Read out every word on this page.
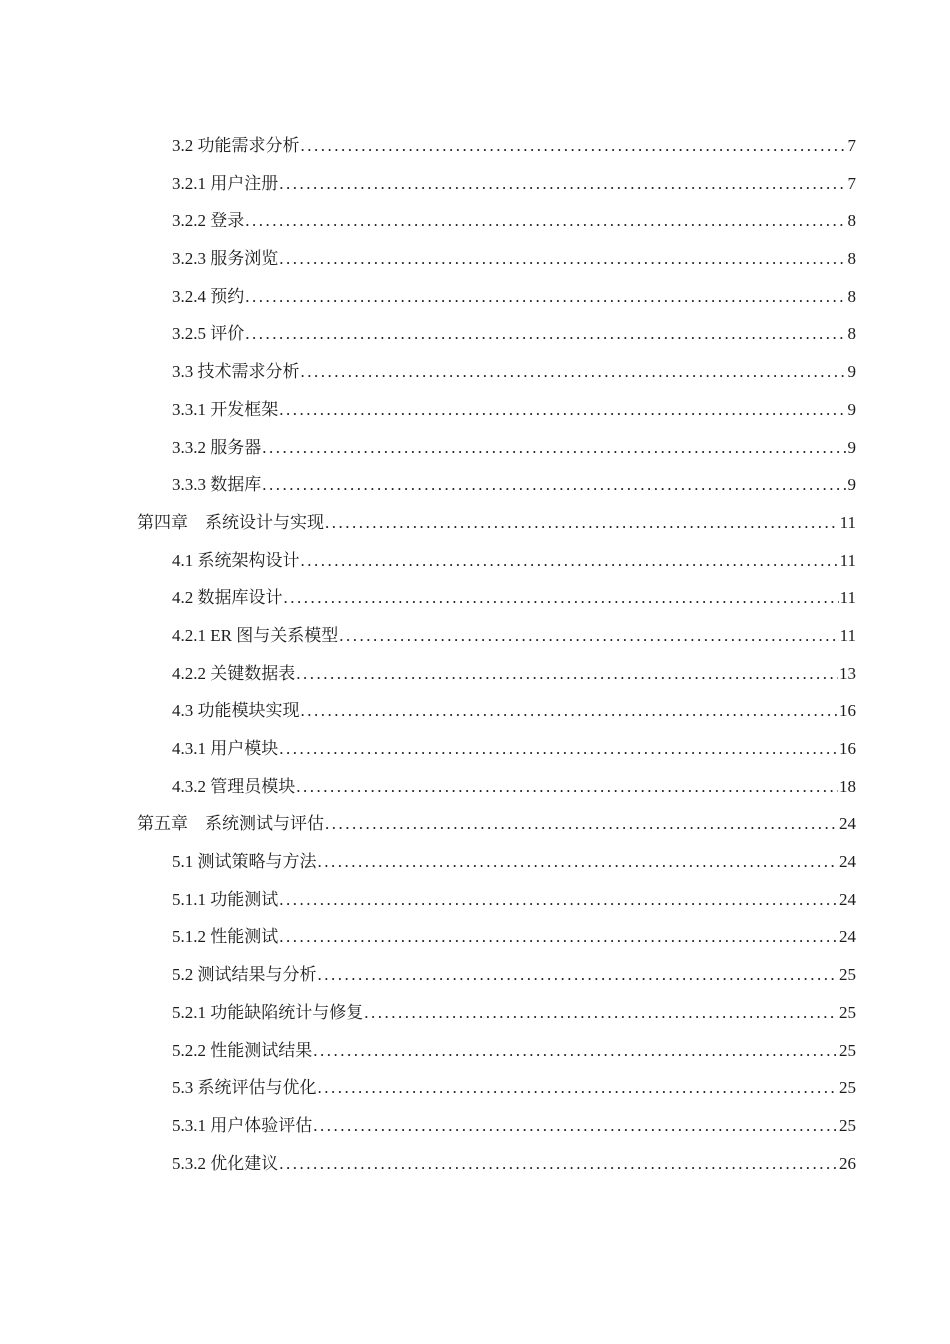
3.2 功能需求分析 .....	7
3.2.1 用户注册 .....	7
3.2.2 登录 .....	8
3.2.3 服务浏览 .....	8
3.2.4 预约 .....	8
3.2.5 评价 .....	8
3.3 技术需求分析 .....	9
3.3.1 开发框架 .....	9
3.3.2 服务器 .....	9
3.3.3 数据库 .....	9
第四章　系统设计与实现 .....	11
4.1 系统架构设计 .....	11
4.2 数据库设计 .....	11
4.2.1 ER 图与关系模型 .....	11
4.2.2 关键数据表 .....	13
4.3 功能模块实现 .....	16
4.3.1 用户模块 .....	16
4.3.2 管理员模块 .....	18
第五章　系统测试与评估 .....	24
5.1 测试策略与方法 .....	24
5.1.1 功能测试 .....	24
5.1.2 性能测试 .....	24
5.2 测试结果与分析 .....	25
5.2.1 功能缺陷统计与修复 .....	25
5.2.2 性能测试结果 .....	25
5.3 系统评估与优化 .....	25
5.3.1 用户体验评估 .....	25
5.3.2 优化建议 .....	26
